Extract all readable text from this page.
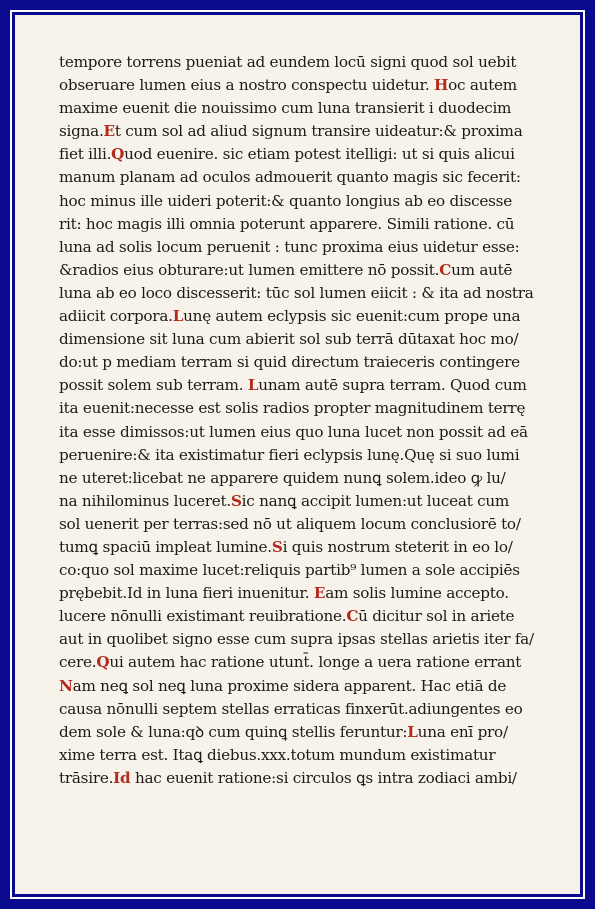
tempore torrens pueniat ad eundem locū signi quod sol uebit
obseruare lumen eius a nostro conspectu uidetur. Hoc autem
maxime euenit die nouissimo cum luna transierit i duodecim
signa.Et cum sol ad aliud signum transire uideatur:& proxima
fiet illi.Quod euenire. sic etiam potest itelligi: ut si quis alicui
manum planam ad oculos admouerit quanto magis sic fecerit:
hoc minus ille uideri poterit:& quanto longius ab eo discesse
rit: hoc magis illi omnia poterunt apparere. Simili ratione. cū
luna ad solis locum peruenit : tunc proxima eius uidetur esse:
&radios eius obturare:ut lumen emittere nō possit.Cum autē
luna ab eo loco discesserit: tūc sol lumen eiicit : & ita ad nostra
adiicit corpora.Lunę autem eclypsis sic euenit:cum prope una
dimensione sit luna cum abierit sol sub terrā dūtaxat hoc mo/
do:ut p mediam terram si quid directum traieceris contingere
possit solem sub terram. Lunam autē supra terram. Quod cum
ita euenit:necesse est solis radios propter magnitudinem terrę
ita esse dimissos:ut lumen eius quo luna lucet non possit ad eā
peruenire:& ita existimatur fieri eclypsis lunę.Quę si suo lumi
ne uteret:licebat ne apparere quidem nunꝗ solem.ideo ꝙ lu/
na nihilominus luceret.Sic nanꝗ accipit lumen:ut luceat cum
sol uenerit per terras:sed nō ut aliquem locum conclusiorē to/
tumꝗ spaciū impleat lumine.Si quis nostrum steterit in eo lo/
co:quo sol maxime lucet:reliquis partib⁹ lumen a sole accipiēs
prębebit.Id in luna fieri inuenitur. Eam solis lumine accepto.
lucere nōnulli existimant reuibratione.Cū dicitur sol in ariete
aut in quolibet signo esse cum supra ipsas stellas arietis iter fa/
cere.Qui autem hac ratione utunt̄. longe a uera ratione errant
Nam neꝗ sol neꝗ luna proxime sidera apparent. Hac etiā de
causa nōnulli septem stellas erraticas finxerūt.adiungentes eo
dem sole & luna:qꝺ cum quinꝗ stellis feruntur:Luna enī pro/
xime terra est. Itaꝗ diebus.xxx.totum mundum existimatur
trāsire.Id hac euenit ratione:si circulos ꝗs intra zodiaci ambi/
